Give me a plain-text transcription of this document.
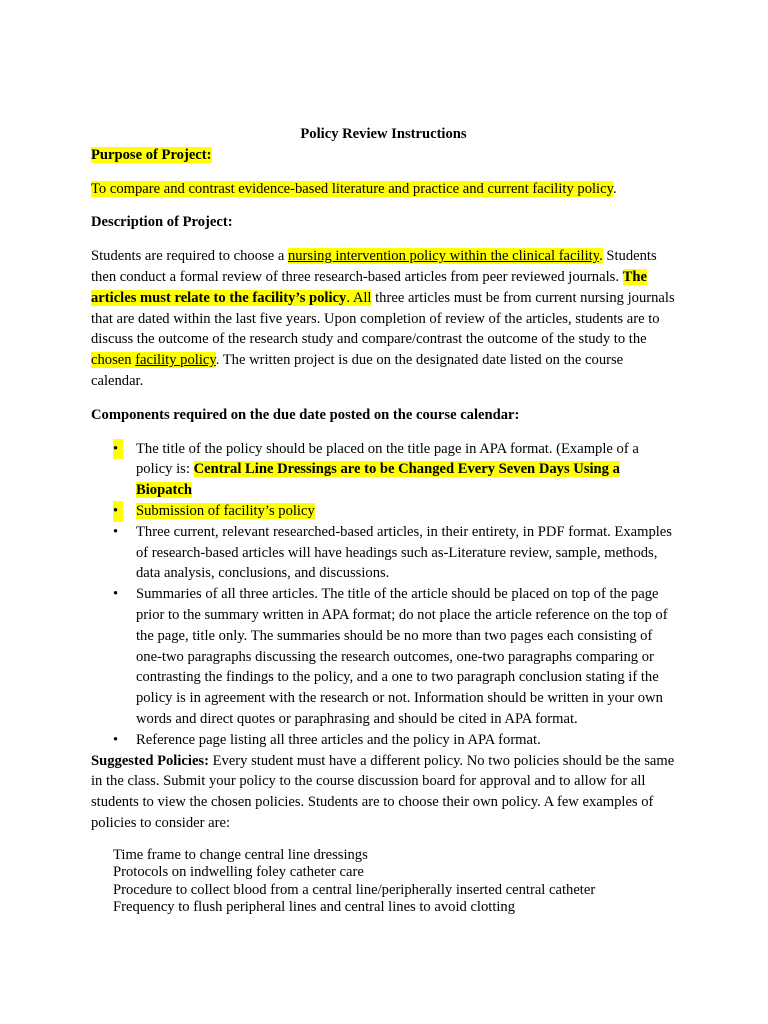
Policy Review Instructions

Purpose of Project:

To compare and contrast evidence-based literature and practice and current facility policy.

Description of Project:

Students are required to choose a nursing intervention policy within the clinical facility. Students then conduct a formal review of three research-based articles from peer reviewed journals. The articles must relate to the facility’s policy. All three articles must be from current nursing journals that are dated within the last five years. Upon completion of review of the articles, students are to discuss the outcome of the research study and compare/contrast the outcome of the study to the chosen facility policy. The written project is due on the designated date listed on the course calendar.

Components required on the due date posted on the course calendar:

•	The title of the policy should be placed on the title page in APA format. (Example of a policy is: Central Line Dressings are to be Changed Every Seven Days Using a Biopatch
•	Submission of facility’s policy
•	Three current, relevant researched-based articles, in their entirety, in PDF format. Examples of research-based articles will have headings such as-Literature review, sample, methods, data analysis, conclusions, and discussions.
•	Summaries of all three articles. The title of the article should be placed on top of the page prior to the summary written in APA format; do not place the article reference on the top of the page, title only. The summaries should be no more than two pages each consisting of one-two paragraphs discussing the research outcomes, one-two paragraphs comparing or contrasting the findings to the policy, and a one to two paragraph conclusion stating if the policy is in agreement with the research or not. Information should be written in your own words and direct quotes or paraphrasing and should be cited in APA format.
•	Reference page listing all three articles and the policy in APA format.

Suggested Policies: Every student must have a different policy. No two policies should be the same in the class. Submit your policy to the course discussion board for approval and to allow for all students to view the chosen policies. Students are to choose their own policy. A few examples of policies to consider are:

Time frame to change central line dressings
Protocols on indwelling foley catheter care
Procedure to collect blood from a central line/peripherally inserted central catheter
Frequency to flush peripheral lines and central lines to avoid clotting
